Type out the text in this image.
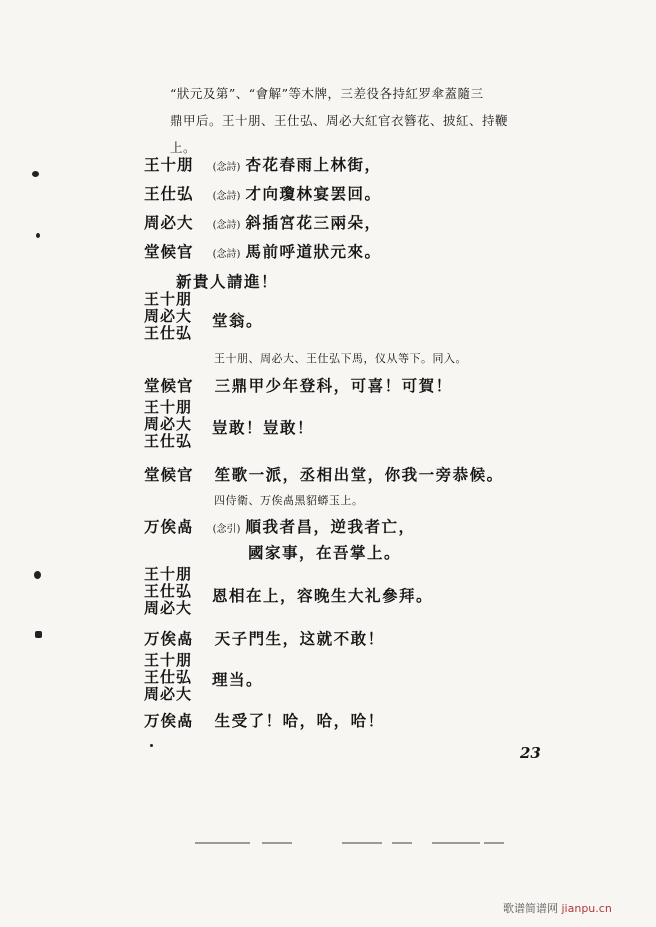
“狀元及第”、“會解”等木牌，三差役各持紅罗傘蓋隨三
鼎甲后。王十朋、王仕弘、周必大紅官衣簪花、披紅、持鞭
上。
王十朋 (念詩) 杏花春雨上林街，
王仕弘 (念詩) 才向瓊林宴罢回。
周必大 (念詩) 斜插宮花三兩朵，
堂候官 (念詩) 馬前呼道狀元來。
新貴人請進！
王十朋
周必大
王仕弘
堂翁。
王十朋、周必大、王仕弘下馬，仪从等下。同入。
堂候官 三鼎甲少年登科，可喜！可賀！
王十朋
周必大
王仕弘
豈敢！豈敢！
堂候官 笙歌一派，丞相出堂，你我一旁恭候。
四侍衛、万俟卨黑貂蟒玉上。
万俟卨 (念引) 順我者昌，逆我者亡，
國家事，在吾掌上。
王十朋
王仕弘
周必大
恩相在上，容晚生大礼參拜。
万俟卨 天子門生，这就不敢！
王十朋
王仕弘
周必大
理当。
万俟卨 生受了！哈，哈，哈！
23
歌谱简谱网 jianpu.cn
